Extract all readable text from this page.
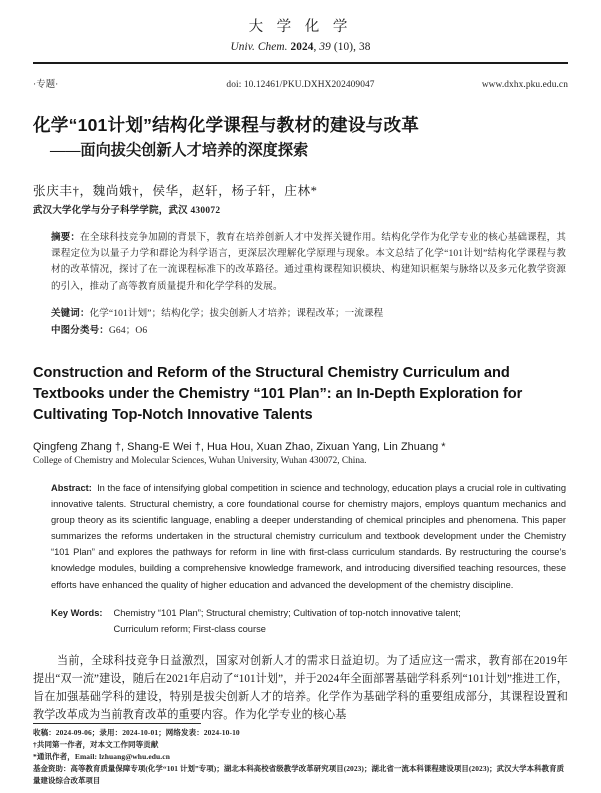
大 学 化 学
Univ. Chem. 2024, 39 (10), 38
·专题·	doi: 10.12461/PKU.DXHX202409047	www.dxhx.pku.edu.cn
化学“101计划”结构化学课程与教材的建设与改革
——面向拔尖创新人才培养的深度探索
张庆丰†，魏尚娥†，侯华，赵轩，杨子轩，庄林*
武汉大学化学与分子科学学院，武汉 430072
摘要：在全球科技竞争加剧的背景下，教育在培养创新人才中发挥关键作用。结构化学作为化学专业的核心基础课程，其课程定位为以量子力学和群论为科学语言，更深层次理解化学原理与现象。本文总结了化学“101计划”结构化学课程与教材的改革情况，探讨了在一流课程标准下的改革路径。通过重构课程知识模块、构建知识框架与脉络以及多元化教学资源的引入，推动了高等教育质量提升和化学学科的发展。
关键词：化学“101计划”；结构化学；拔尖创新人才培养；课程改革；一流课程
中图分类号：G64；O6
Construction and Reform of the Structural Chemistry Curriculum and Textbooks under the Chemistry “101 Plan”: an In-Depth Exploration for Cultivating Top-Notch Innovative Talents
Qingfeng Zhang †, Shang-E Wei †, Hua Hou, Xuan Zhao, Zixuan Yang, Lin Zhuang *
College of Chemistry and Molecular Sciences, Wuhan University, Wuhan 430072, China.
Abstract: In the face of intensifying global competition in science and technology, education plays a crucial role in cultivating innovative talents. Structural chemistry, a core foundational course for chemistry majors, employs quantum mechanics and group theory as its scientific language, enabling a deeper understanding of chemical principles and phenomena. This paper summarizes the reforms undertaken in the structural chemistry curriculum and textbook development under the Chemistry “101 Plan” and explores the pathways for reform in line with first-class curriculum standards. By restructuring the course’s knowledge modules, building a comprehensive knowledge framework, and introducing diversified teaching resources, these efforts have enhanced the quality of higher education and advanced the development of the chemistry discipline.
Key Words: Chemistry “101 Plan”; Structural chemistry; Cultivation of top-notch innovative talent;
Curriculum reform; First-class course
当前，全球科技竞争日益激烈，国家对创新人才的需求日益迫切。为了适应这一需求，教育部在2019年提出“双一流”建设，随后在2021年启动了“101计划”，并于2024年全面部署基础学科系列“101计划”推进工作，旨在加强基础学科的建设，特别是拔尖创新人才的培养。化学作为基础学科的重要组成部分，其课程设置和教学改革成为当前教育改革的重要内容。作为化学专业的核心基
收稿：2024-09-06；录用：2024-10-01；网络发表：2024-10-10
†共同第一作者，对本文工作同等贡献
*通讯作者，Email: lzhuang@whu.edu.cn
基金资助：高等教育质量保障专项(化学“101 计划”专项)；湖北本科高校省级教学改革研究项目(2023)；湖北省一流本科课程建设项目(2023)；武汉大学本科教育质量建设综合改革项目
